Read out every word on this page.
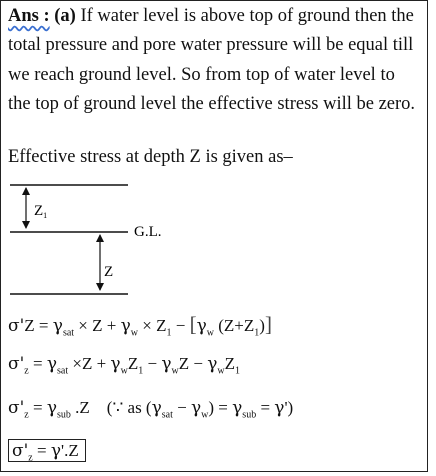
Ans : (a) If water level is above top of ground then the total pressure and pore water pressure will be equal till we reach ground level. So from top of water level to the top of ground level the effective stress will be zero.
Effective stress at depth Z is given as–
$Z_1$
G.L.
Z
$\sigma'Z = \gamma_{sat} \times Z + \gamma_w \times Z_1 - [\gamma_w$ $(Z+Z_1)$]
$\sigma'_z = \gamma_{sat} \times Z + \gamma_wZ_1 - \gamma_wZ - \gamma_wZ_1$
$\sigma'_z = \gamma_{sub}$ .Z    (∵ as $(\gamma_{sat} - \gamma_w) = \gamma_{sub} = \gamma'$)
$\sigma'_z = \gamma'.Z$
